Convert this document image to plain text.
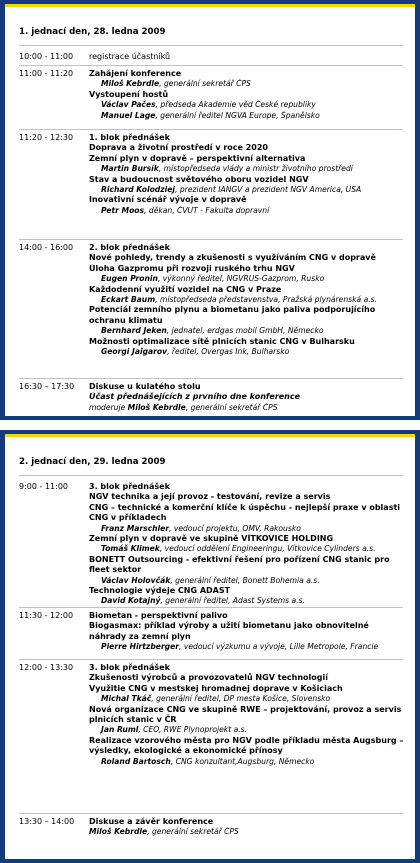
1. jednací den, 28. ledna 2009
10:00 - 11:00	registrace účastníků
11:00 - 11:20	Zahájení konference
Miloš Kebrdle, generální sekretář ČPS
Vystoupení hostů
Václav Pačes, předseda Akademie věd České republiky
Manuel Lage, generální ředitel NGVA Europe, Španělsko
11:20 - 12:30	1. blok přednášek
Doprava a životní prostředí v roce 2020
Zemní plyn v dopravě – perspektivní alternativa
Martin Bursík, místopředseda vlády a ministr životního prostředí
Stav a budoucnost světového oboru vozidel NGV
Richard Kolodziej, prezident IANGV a prezident NGV America, USA
Inovativní scénář vývoje v dopravě
Petr Moos, děkan, ČVUT - Fakulta dopravní
14:00 - 16:00	2. blok přednášek
Nové pohledy, trendy a zkušenosti s využíváním CNG v dopravě
Úloha Gazpromu při rozvoji ruského trhu NGV
Eugen Pronin, výkonný ředitel, NGVRUS-Gazprom, Rusko
Každodenní využití vozidel na CNG v Praze
Eckart Baum, místopředseda představenstva, Pražská plynárenská a.s.
Potenciál zemního plynu a biometanu jako paliva podporujícího ochranu klimatu
Bernhard Jeken, jednatel, erdgas mobil GmbH, Německo
Možnosti optimalizace sítě plnicích stanic CNG v Bulharsku
Georgi Jaigarov, ředitel, Overgas Ink, Bulharsko
16:30 – 17:30	Diskuse u kulatého stolu
Účast přednášejících z prvního dne konference
moderuje Miloš Kebrdle, generální sekretář ČPS
2. jednací den, 29. ledna 2009
9:00 - 11:00	3. blok přednášek
NGV technika a její provoz - testování, revize a servis
CNG – technické a komerční klíče k úspěchu - nejlepší praxe v oblasti CNG v příkladech
Franz Marschler, vedoucí projektu, OMV, Rakousko
Zemní plyn v dopravě ve skupině VÍTKOVICE HOLDING
Tomáš Klimek, vedoucí oddělení Engineeringu, Vítkovice Cylinders a.s.
BONETT Outsourcing - efektivní řešení pro pořízení CNG stanic pro fleet sektor
Václav Holovčák, generální ředitel, Bonett Bohemia a.s.
Technologie výdeje CNG ADAST
David Kotajný, generální ředitel, Adast Systems a.s.
11:30 - 12:00	Biometan - perspektivní palivo
Biogasmax: příklad výroby a užití biometanu jako obnovitelné náhrady za zemní plyn
Pierre Hirtzberger, vedoucí výzkumu a vývoje, Lille Metropole, Francie
12:00 - 13:30	3. blok přednášek
Zkušenosti výrobců a provozovatelů NGV technologií
Využitie CNG v mestskej hromadnej doprave v Košiciach
Michal Tkáč, generální ředitel, DP mesta Košice, Slovensko
Nová organizace CNG ve skupině RWE – projektování, provoz a servis plnicích stanic v ČR
Jan Ruml, CEO, RWE Plynoprojekt a.s.
Realizace vzorového města pro NGV podle příkladu města Augsburg – výsledky, ekologické a ekonomické přínosy
Roland Bartosch, CNG konzultant,Augsburg, Německo
13:30 – 14:00	Diskuse a závěr konference
Miloš Kebrdle, generální sekretář ČPS
